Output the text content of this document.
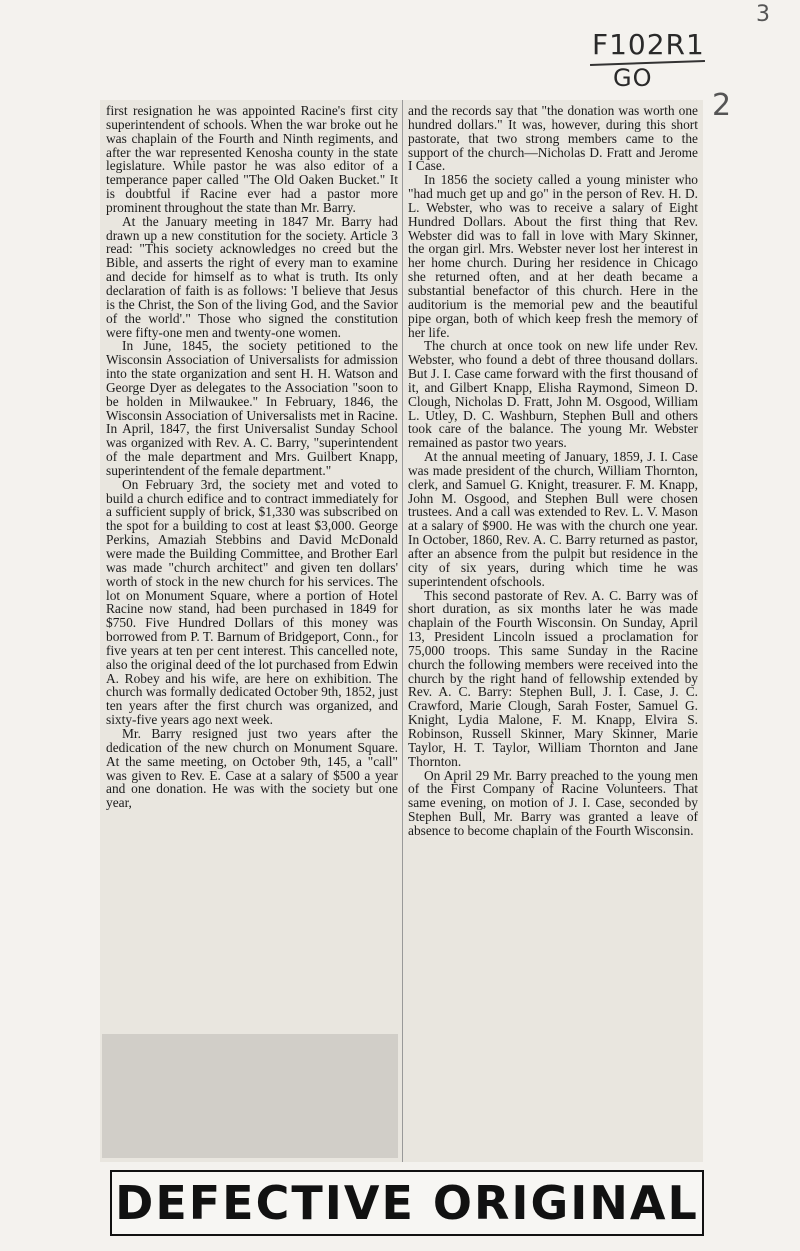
3
F102R1
GO
2

first resignation he was appointed Racine's first city superintendent of schools. When the war broke out he was chaplain of the Fourth and Ninth regiments, and after the war represented Kenosha county in the state legislature. While pastor he was also editor of a temperance paper called "The Old Oaken Bucket." It is doubtful if Racine ever had a pastor more prominent throughout the state than Mr. Barry.

At the January meeting in 1847 Mr. Barry had drawn up a new constitution for the society. Article 3 read: "This society acknowledges no creed but the Bible, and asserts the right of every man to examine and decide for himself as to what is truth. Its only declaration of faith is as follows: 'I believe that Jesus is the Christ, the Son of the living God, and the Savior of the world'." Those who signed the constitution were fifty-one men and twenty-one women.

In June, 1845, the society petitioned to the Wisconsin Association of Universalists for admission into the state organization and sent H. H. Watson and George Dyer as delegates to the Association "soon to be holden in Milwaukee." In February, 1846, the Wisconsin Association of Universalists met in Racine. In April, 1847, the first Universalist Sunday School was organized with Rev. A. C. Barry, "superintendent of the male department and Mrs. Guilbert Knapp, superintendent of the female department."

On February 3rd, the society met and voted to build a church edifice and to contract immediately for a sufficient supply of brick, $1,330 was subscribed on the spot for a building to cost at least $3,000. George Perkins, Amaziah Stebbins and David McDonald were made the Building Committee, and Brother Earl was made "church architect" and given ten dollars' worth of stock in the new church for his services. The lot on Monument Square, where a portion of Hotel Racine now stand, had been purchased in 1849 for $750. Five Hundred Dollars of this money was borrowed from P. T. Barnum of Bridgeport, Conn., for five years at ten per cent interest. This cancelled note, also the original deed of the lot purchased from Edwin A. Robey and his wife, are here on exhibition. The church was formally dedicated October 9th, 1852, just ten years after the first church was organized, and sixty-five years ago next week.

Mr. Barry resigned just two years after the dedication of the new church on Monument Square. At the same meeting, on October 9th, 145, a "call" was given to Rev. E. Case at a salary of $500 a year and one donation. He was with the society but one year,

and the records say that "the donation was worth one hundred dollars." It was, however, during this short pastorate, that two strong members came to the support of the church—Nicholas D. Fratt and Jerome I Case.

In 1856 the society called a young minister who "had much get up and go" in the person of Rev. H. D. L. Webster, who was to receive a salary of Eight Hundred Dollars. About the first thing that Rev. Webster did was to fall in love with Mary Skinner, the organ girl. Mrs. Webster never lost her interest in her home church. During her residence in Chicago she returned often, and at her death became a substantial benefactor of this church. Here in the auditorium is the memorial pew and the beautiful pipe organ, both of which keep fresh the memory of her life.

The church at once took on new life under Rev. Webster, who found a debt of three thousand dollars. But J. I. Case came forward with the first thousand of it, and Gilbert Knapp, Elisha Raymond, Simeon D. Clough, Nicholas D. Fratt, John M. Osgood, William L. Utley, D. C. Washburn, Stephen Bull and others took care of the balance. The young Mr. Webster remained as pastor two years.

At the annual meeting of January, 1859, J. I. Case was made president of the church, William Thornton, clerk, and Samuel G. Knight, treasurer. F. M. Knapp, John M. Osgood, and Stephen Bull were chosen trustees. And a call was extended to Rev. L. V. Mason at a salary of $900. He was with the church one year. In October, 1860, Rev. A. C. Barry returned as pastor, after an absence from the pulpit but residence in the city of six years, during which time he was superintendent ofschools.

This second pastorate of Rev. A. C. Barry was of short duration, as six months later he was made chaplain of the Fourth Wisconsin. On Sunday, April 13, President Lincoln issued a proclamation for 75,000 troops. This same Sunday in the Racine church the following members were received into the church by the right hand of fellowship extended by Rev. A. C. Barry: Stephen Bull, J. I. Case, J. C. Crawford, Marie Clough, Sarah Foster, Samuel G. Knight, Lydia Malone, F. M. Knapp, Elvira S. Robinson, Russell Skinner, Mary Skinner, Marie Taylor, H. T. Taylor, William Thornton and Jane Thornton.

On April 29 Mr. Barry preached to the young men of the First Company of Racine Volunteers. That same evening, on motion of J. I. Case, seconded by Stephen Bull, Mr. Barry was granted a leave of absence to become chaplain of the Fourth Wisconsin.

DEFECTIVE ORIGINAL
